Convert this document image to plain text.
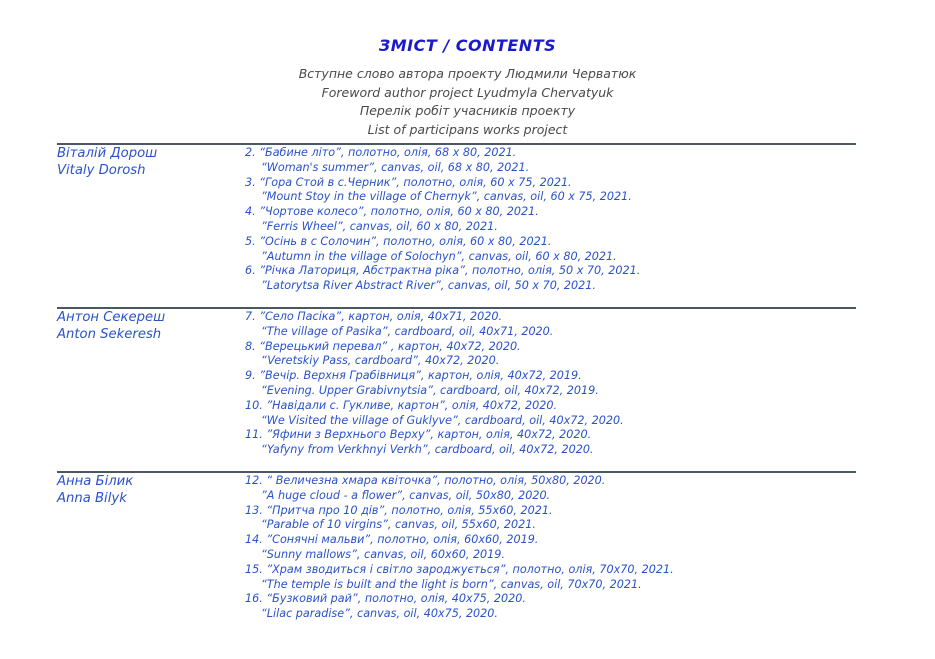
ЗМІСТ / CONTENTS
Вступне слово автора проекту Людмили Черватюк
Foreword author project Lyudmyla Chervatyuk
Перелік робіт учасників проекту
List of participans works project
Віталій Дорош
Vitaly Dorosh
2. “Бабине літо”, полотно, олія, 68 x 80, 2021.
“Woman's summer”, canvas, oil, 68 x 80, 2021.
3. “Гора Стой в с.Черник”, полотно, олія, 60 x 75, 2021.
”Mount Stoy in the village of Chernyk”, canvas, oil, 60 x 75, 2021.
4. ”Чортове колесо”, полотно, олія, 60 x 80, 2021.
”Ferris Wheel”, canvas, oil, 60 x 80, 2021.
5. ”Осінь в с Солочин”, полотно, олія, 60 x 80, 2021.
”Autumn in the village of Solochyn”, canvas, oil, 60 x 80, 2021.
6. ”Річка Латориця, Абстрактна ріка”, полотно, олія, 50 x 70, 2021.
”Latorytsa River Abstract River”, canvas, oil, 50 x 70, 2021.
Антон Секереш
Anton Sekeresh
7. ”Село Пасіка”, картон, олія, 40x71, 2020.
“The village of Pasika”, cardboard, oil, 40x71, 2020.
8. “Верецький перевал” , картон, 40x72, 2020.
“Veretskiy Pass, cardboard”, 40x72, 2020.
9. ”Вечір. Верхня Грабівниця”, картон, олія, 40x72, 2019.
“Evening. Upper Grabivnytsia”, cardboard, oil, 40x72, 2019.
10. ”Навідали с. Гукливе, картон”, олія, 40x72, 2020.
“We Visited the village of Guklyve”, cardboard, oil, 40x72, 2020.
11. ”Яфини з Верхнього Верху”, картон, олія, 40x72, 2020.
“Yafyny from Verkhnyi Verkh”, cardboard, oil, 40x72, 2020.
Анна Білик
Anna Bilyk
12. “ Величезна хмара квіточка”, полотно, олія, 50x80, 2020.
”A huge cloud - a flower”, canvas, oil, 50x80, 2020.
13. “Притча про 10 дів”, полотно, олія, 55x60, 2021.
“Parable of 10 virgins”, canvas, oil, 55x60, 2021.
14. ”Сонячні мальви”, полотно, олія, 60x60, 2019.
“Sunny mallows”, canvas, oil, 60x60, 2019.
15. ”Храм зводиться і світло зароджується”, полотно, олія, 70x70, 2021.
“The temple is built and the light is born”, canvas, oil, 70x70, 2021.
16. “Бузковий рай”, полотно, олія, 40x75, 2020.
“Lilac paradise”, canvas, oil, 40x75, 2020.
